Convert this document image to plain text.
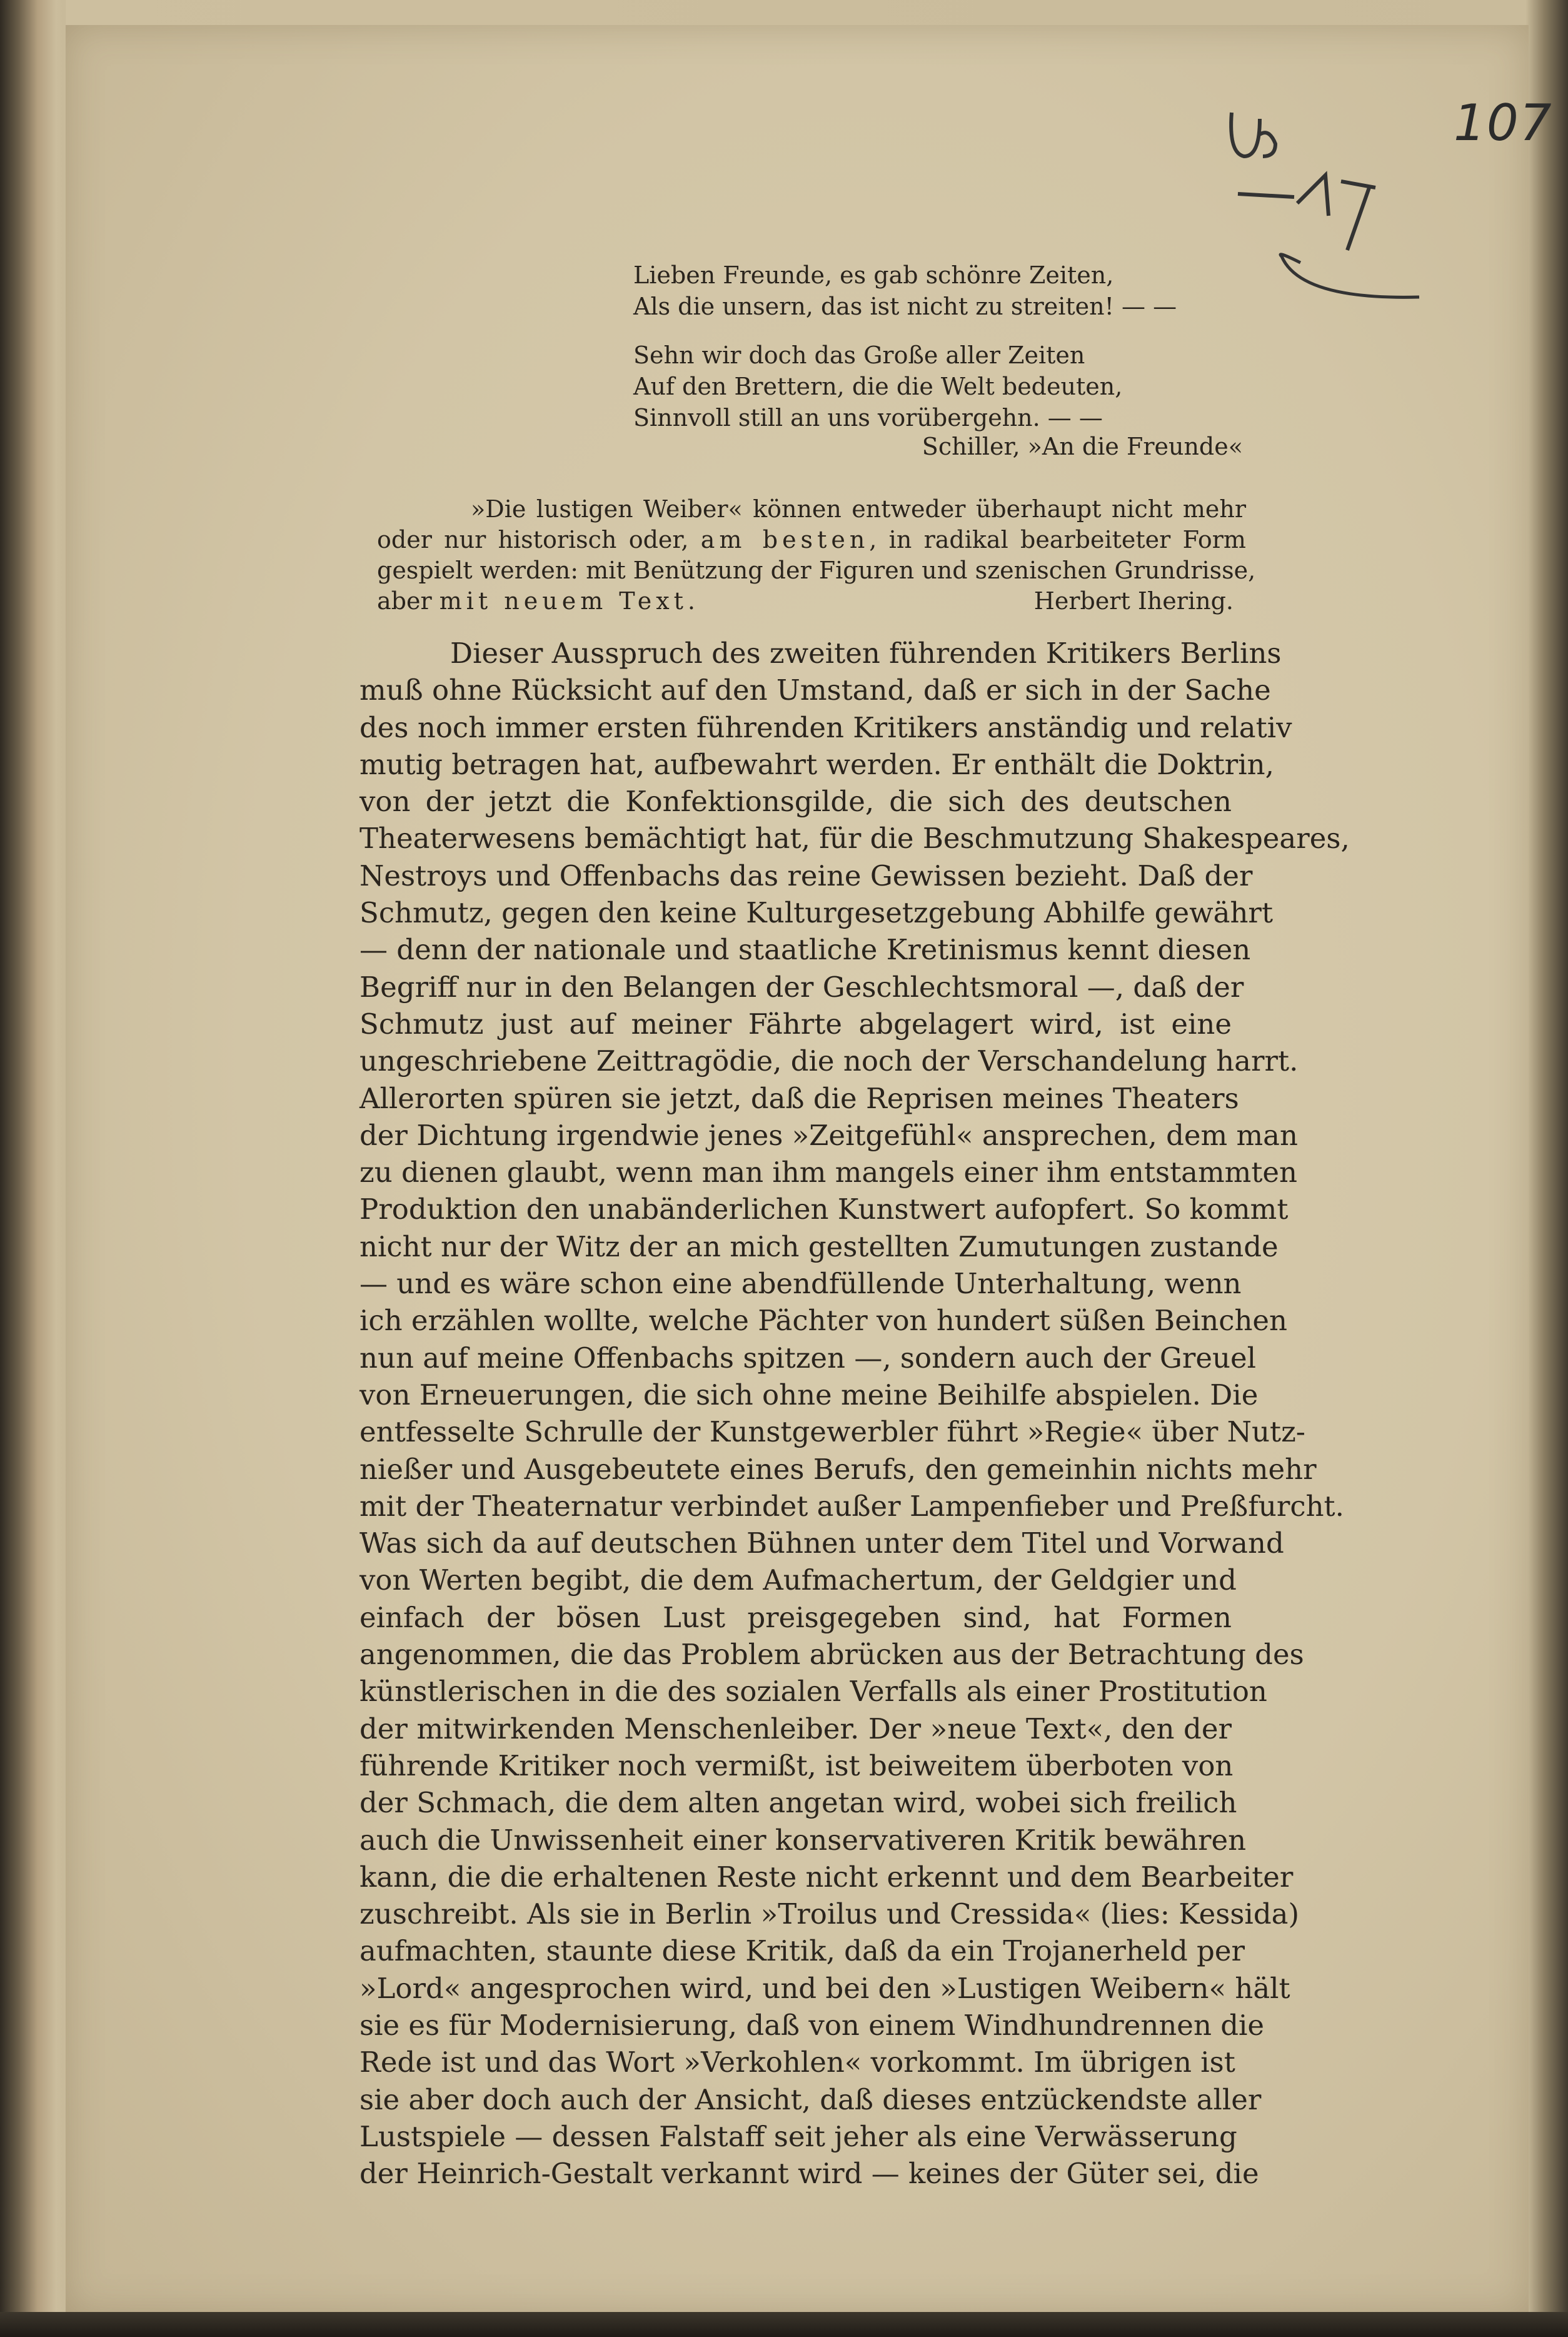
107
Lieben Freunde, es gab schönre Zeiten,
Als die unsern, das ist nicht zu streiten! — —
Sehn wir doch das Große aller Zeiten
Auf den Brettern, die die Welt bedeuten,
Sinnvoll still an uns vorübergehn. — —
Schiller, »An die Freunde«
»Die lustigen Weiber« können entweder überhaupt nicht mehr
oder nur historisch oder, am besten, in radikal bearbeiteter Form
gespielt werden: mit Benützung der Figuren und szenischen Grundrisse,
aber mit neuem Text.	Herbert Ihering.
Dieser Ausspruch des zweiten führenden Kritikers Berlins
muß ohne Rücksicht auf den Umstand, daß er sich in der Sache
des noch immer ersten führenden Kritikers anständig und relativ
mutig betragen hat, aufbewahrt werden. Er enthält die Doktrin,
von der jetzt die Konfektionsgilde, die sich des deutschen
Theaterwesens bemächtigt hat, für die Beschmutzung Shakespeares,
Nestroys und Offenbachs das reine Gewissen bezieht. Daß der
Schmutz, gegen den keine Kulturgesetzgebung Abhilfe gewährt
— denn der nationale und staatliche Kretinismus kennt diesen
Begriff nur in den Belangen der Geschlechtsmoral —, daß der
Schmutz just auf meiner Fährte abgelagert wird, ist eine
ungeschriebene Zeittragödie, die noch der Verschandelung harrt.
Allerorten spüren sie jetzt, daß die Reprisen meines Theaters
der Dichtung irgendwie jenes »Zeitgefühl« ansprechen, dem man
zu dienen glaubt, wenn man ihm mangels einer ihm entstammten
Produktion den unabänderlichen Kunstwert aufopfert. So kommt
nicht nur der Witz der an mich gestellten Zumutungen zustande
— und es wäre schon eine abendfüllende Unterhaltung, wenn
ich erzählen wollte, welche Pächter von hundert süßen Beinchen
nun auf meine Offenbachs spitzen —, sondern auch der Greuel
von Erneuerungen, die sich ohne meine Beihilfe abspielen. Die
entfesselte Schrulle der Kunstgewerbler führt »Regie« über Nutz-
nießer und Ausgebeutete eines Berufs, den gemeinhin nichts mehr
mit der Theaternatur verbindet außer Lampenfieber und Preßfurcht.
Was sich da auf deutschen Bühnen unter dem Titel und Vorwand
von Werten begibt, die dem Aufmachertum, der Geldgier und
einfach der bösen Lust preisgegeben sind, hat Formen
angenommen, die das Problem abrücken aus der Betrachtung des
künstlerischen in die des sozialen Verfalls als einer Prostitution
der mitwirkenden Menschenleiber. Der »neue Text«, den der
führende Kritiker noch vermißt, ist beiweitem überboten von
der Schmach, die dem alten angetan wird, wobei sich freilich
auch die Unwissenheit einer konservativeren Kritik bewähren
kann, die die erhaltenen Reste nicht erkennt und dem Bearbeiter
zuschreibt. Als sie in Berlin »Troilus und Cressida« (lies: Kessida)
aufmachten, staunte diese Kritik, daß da ein Trojanerheld per
»Lord« angesprochen wird, und bei den »Lustigen Weibern« hält
sie es für Modernisierung, daß von einem Windhundrennen die
Rede ist und das Wort »Verkohlen« vorkommt. Im übrigen ist
sie aber doch auch der Ansicht, daß dieses entzückendste aller
Lustspiele — dessen Falstaff seit jeher als eine Verwässerung
der Heinrich-Gestalt verkannt wird — keines der Güter sei, die
